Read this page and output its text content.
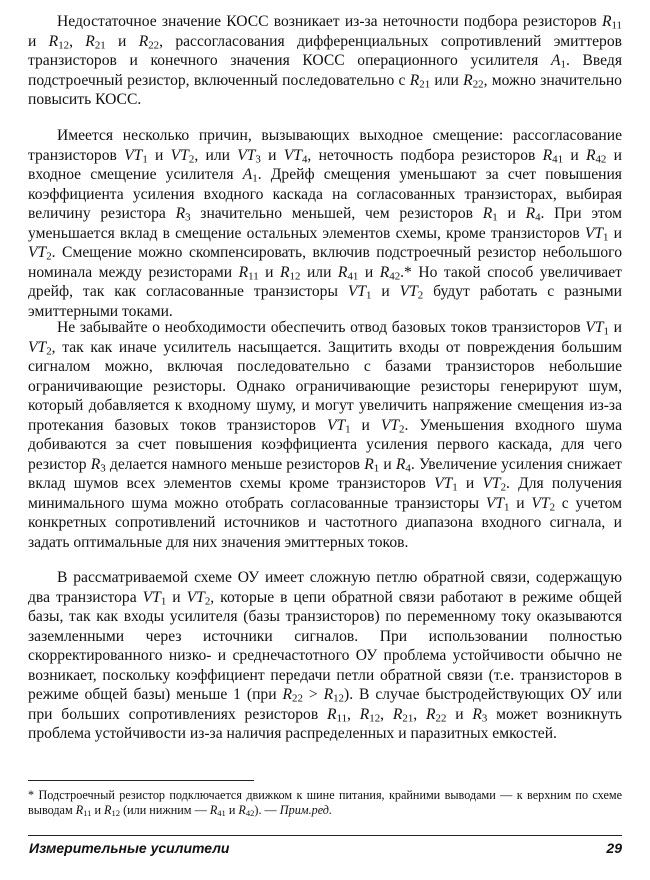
Недостаточное значение КОСС возникает из-за неточности подбора резисторов $R_{11}$ и $R_{12}$, $R_{21}$ и $R_{22}$, рассогласования дифференциальных сопротивлений эмиттеров транзисторов и конечного значения КОСС операционного усилителя $A_1$. Введя подстроечный резистор, включенный последовательно с $R_{21}$ или $R_{22}$, можно значительно повысить КОСС.

Имеется несколько причин, вызывающих выходное смещение: рассогласование транзисторов $VT_1$ и $VT_2$, или $VT_3$ и $VT_4$, неточность подбора резисторов $R_{41}$ и $R_{42}$ и входное смещение усилителя $A_1$. Дрейф смещения уменьшают за счет повышения коэффициента усиления входного каскада на согласованных транзисторах, выбирая величину резистора $R_3$ значительно меньшей, чем резисторов $R_1$ и $R_4$. При этом уменьшается вклад в смещение остальных элементов схемы, кроме транзисторов $VT_1$ и $VT_2$. Смещение можно скомпенсировать, включив подстроечный резистор небольшого номинала между резисторами $R_{11}$ и $R_{12}$ или $R_{41}$ и $R_{42}.*$ Но такой способ увеличивает дрейф, так как согласованные транзисторы $VT_1$ и $VT_2$ будут работать с разными эмиттерными токами.

Не забывайте о необходимости обеспечить отвод базовых токов транзисторов $VT_1$ и $VT_2$, так как иначе усилитель насыщается. Защитить входы от повреждения большим сигналом можно, включая последовательно с базами транзисторов небольшие ограничивающие резисторы. Однако ограничивающие резисторы генерируют шум, который добавляется к входному шуму, и могут увеличить напряжение смещения из-за протекания базовых токов транзисторов $VT_1$ и $VT_2$. Уменьшения входного шума добиваются за счет повышения коэффициента усиления первого каскада, для чего резистор $R_3$ делается намного меньше резисторов $R_1$ и $R_4$. Увеличение усиления снижает вклад шумов всех элементов схемы кроме транзисторов $VT_1$ и $VT_2$. Для получения минимального шума можно отобрать согласованные транзисторы $VT_1$ и $VT_2$ с учетом конкретных сопротивлений источников и частотного диапазона входного сигнала, и задать оптимальные для них значения эмиттерных токов.

В рассматриваемой схеме ОУ имеет сложную петлю обратной связи, содержащую два транзистора $VT_1$ и $VT_2$, которые в цепи обратной связи работают в режиме общей базы, так как входы усилителя (базы транзисторов) по переменному току оказываются заземленными через источники сигналов. При использовании полностью скорректированного низко- и среднечастотного ОУ проблема устойчивости обычно не возникает, поскольку коэффициент передачи петли обратной связи (т.е. транзисторов в режиме общей базы) меньше 1 (при $R_{22} > R_{12}$). В случае быстродействующих ОУ или при больших сопротивлениях резисторов $R_{11}$, $R_{12}$, $R_{21}$, $R_{22}$ и $R_3$ может возникнуть проблема устойчивости из-за наличия распределенных и паразитных емкостей.

* Подстроечный резистор подключается движком к шине питания, крайними выводами — к верхним по схеме выводам $R_{11}$ и $R_{12}$ (или нижним — $R_{41}$ и $R_{42}$). — Прим.ред.

Измерительные усилители	29
